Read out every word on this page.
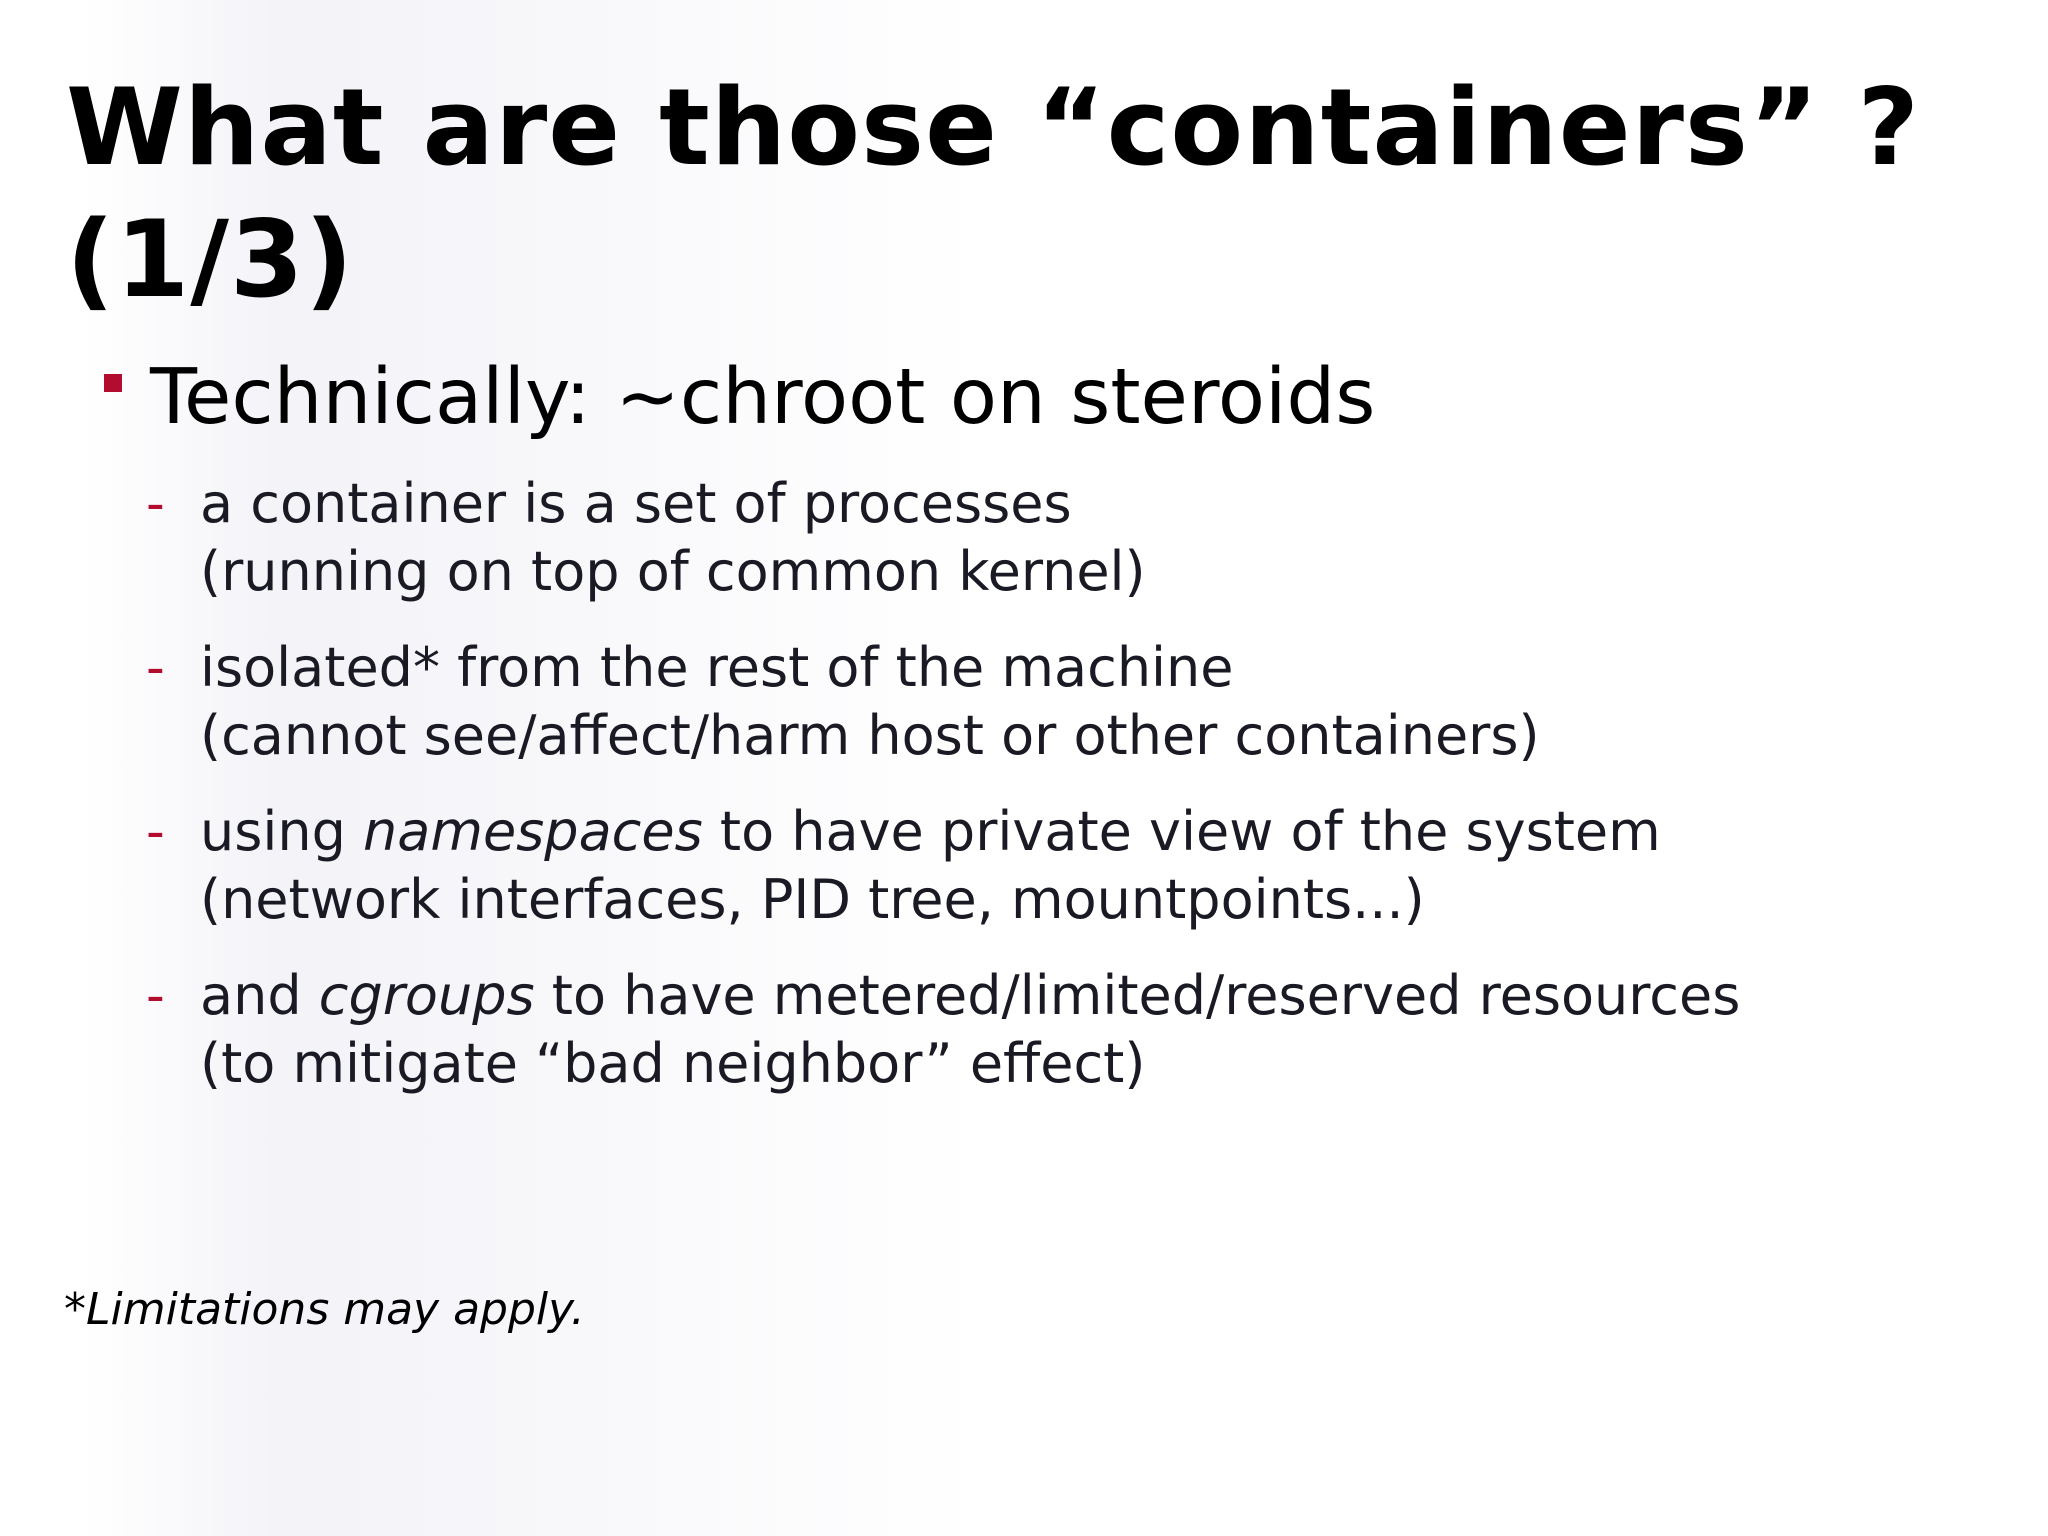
What are those “containers” ?
(1/3)
Technically: ~chroot on steroids
- a container is a set of processes
(running on top of common kernel)
- isolated* from the rest of the machine
(cannot see/affect/harm host or other containers)
- using namespaces to have private view of the system
(network interfaces, PID tree, mountpoints...)
- and cgroups to have metered/limited/reserved resources
(to mitigate “bad neighbor” effect)
*Limitations may apply.
